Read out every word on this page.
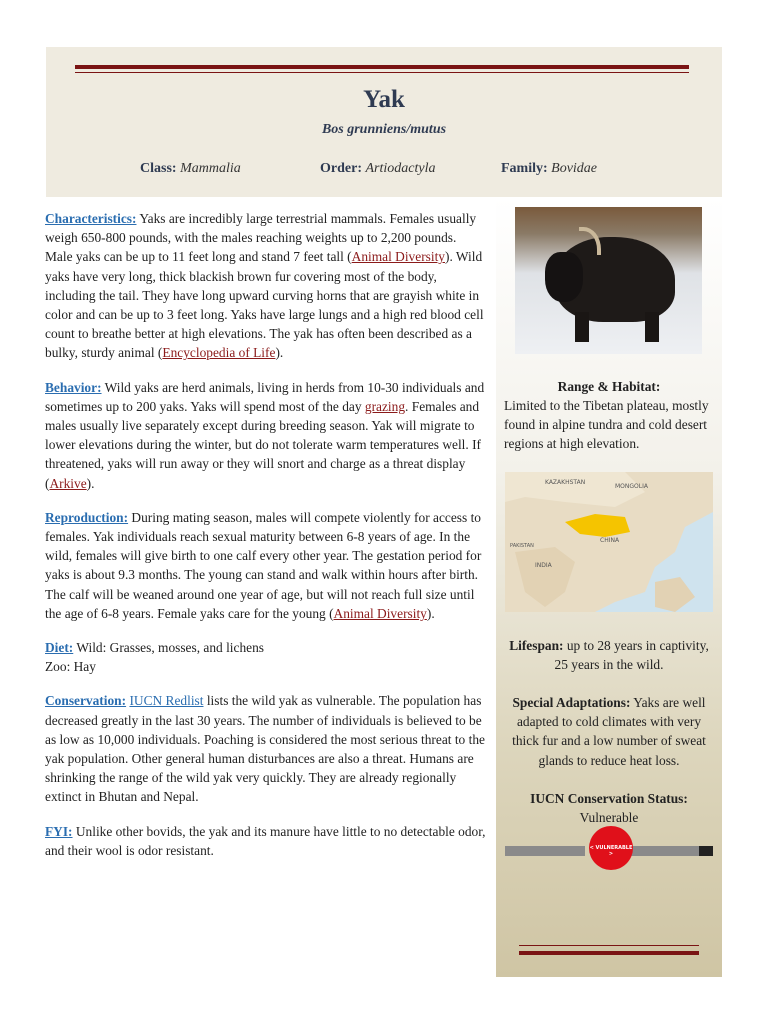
Yak
Bos grunniens/mutus
Class: Mammalia	Order: Artiodactyla	Family: Bovidae

Characteristics: Yaks are incredibly large terrestrial mammals. Females usually weigh 650-800 pounds, with the males reaching weights up to 2,200 pounds. Male yaks can be up to 11 feet long and stand 7 feet tall (Animal Diversity). Wild yaks have very long, thick blackish brown fur covering most of the body, including the tail. They have long upward curving horns that are grayish white in color and can be up to 3 feet long. Yaks have large lungs and a high red blood cell count to breathe better at high elevations. The yak has often been described as a bulky, sturdy animal (Encyclopedia of Life).

Behavior: Wild yaks are herd animals, living in herds from 10-30 individuals and sometimes up to 200 yaks. Yaks will spend most of the day grazing. Females and males usually live separately except during breeding season. Yak will migrate to lower elevations during the winter, but do not tolerate warm temperatures well. If threatened, yaks will run away or they will snort and charge as a threat display (Arkive).

Reproduction: During mating season, males will compete violently for access to females. Yak individuals reach sexual maturity between 6-8 years of age. In the wild, females will give birth to one calf every other year. The gestation period for yaks is about 9.3 months. The young can stand and walk within hours after birth. The calf will be weaned around one year of age, but will not reach full size until the age of 6-8 years. Female yaks care for the young (Animal Diversity).

Diet: Wild: Grasses, mosses, and lichens
Zoo: Hay

Conservation: IUCN Redlist lists the wild yak as vulnerable. The population has decreased greatly in the last 30 years. The number of individuals is believed to be as low as 10,000 individuals. Poaching is considered the most serious threat to the yak population. Other general human disturbances are also a threat. Humans are shrinking the range of the wild yak very quickly. They are already regionally extinct in Bhutan and Nepal.

FYI: Unlike other bovids, the yak and its manure have little to no detectable odor, and their wool is odor resistant.

Range & Habitat:
Limited to the Tibetan plateau, mostly found in alpine tundra and cold desert regions at high elevation.
KAZAKHSTAN
MONGOLIA
CHINA
INDIA
PAKISTAN
Lifespan: up to 28 years in captivity, 25 years in the wild.
Special Adaptations: Yaks are well adapted to cold climates with very thick fur and a low number of sweat glands to reduce heat loss.
IUCN Conservation Status:
Vulnerable
< VULNERABLE >
